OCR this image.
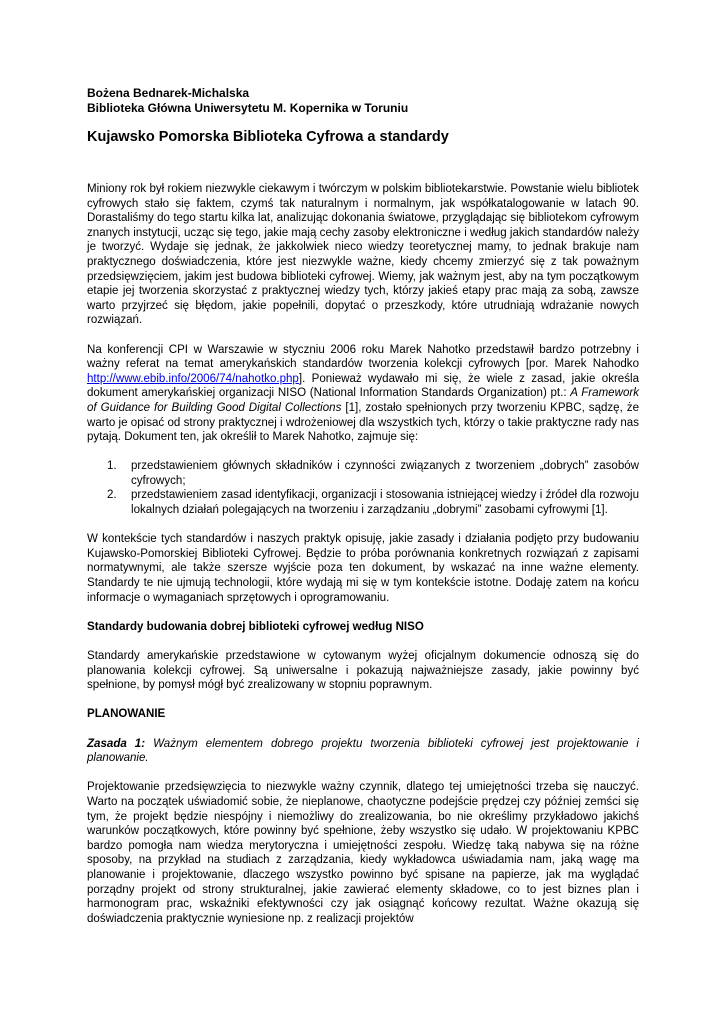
Bożena Bednarek-Michalska

Biblioteka Główna Uniwersytetu M. Kopernika w Toruniu

Kujawsko Pomorska Biblioteka Cyfrowa a standardy

Miniony rok był rokiem niezwykle ciekawym i twórczym w polskim bibliotekarstwie. Powstanie wielu bibliotek cyfrowych stało się faktem, czymś tak naturalnym i normalnym, jak współkatalogowanie w latach 90. Dorastaliśmy do tego startu kilka lat, analizując dokonania światowe, przyglądając się bibliotekom cyfrowym znanych instytucji, ucząc się tego, jakie mają cechy zasoby elektroniczne i według jakich standardów należy je tworzyć. Wydaje się jednak, że jakkolwiek nieco wiedzy teoretycznej mamy, to jednak brakuje nam praktycznego doświadczenia, które jest niezwykle ważne, kiedy chcemy zmierzyć się z tak poważnym przedsięwzięciem, jakim jest budowa biblioteki cyfrowej. Wiemy, jak ważnym jest, aby na tym początkowym etapie jej tworzenia skorzystać z praktycznej wiedzy tych, którzy jakieś etapy prac mają za sobą, zawsze warto przyjrzeć się błędom, jakie popełnili, dopytać o przeszkody, które utrudniają wdrażanie nowych rozwiązań.

Na konferencji CPI w Warszawie w styczniu 2006 roku Marek Nahotko przedstawił bardzo potrzebny i ważny referat na temat amerykańskich standardów tworzenia kolekcji cyfrowych [por. Marek Nahodko http://www.ebib.info/2006/74/nahotko.php]. Ponieważ wydawało mi się, że wiele z zasad, jakie określa dokument amerykańskiej organizacji NISO (National Information Standards Organization) pt.: A Framework of Guidance for Building Good Digital Collections [1], zostało spełnionych przy tworzeniu KPBC, sądzę, że warto je opisać od strony praktycznej i wdrożeniowej dla wszystkich tych, którzy o takie praktyczne rady nas pytają. Dokument ten, jak określił to Marek Nahotko, zajmuje się:

1. przedstawieniem głównych składników i czynności związanych z tworzeniem „dobrych” zasobów cyfrowych;

2. przedstawieniem zasad identyfikacji, organizacji i stosowania istniejącej wiedzy i źródeł dla rozwoju lokalnych działań polegających na tworzeniu i zarządzaniu „dobrymi” zasobami cyfrowymi [1].

W kontekście tych standardów i naszych praktyk opisuję, jakie zasady i działania podjęto przy budowaniu Kujawsko-Pomorskiej Biblioteki Cyfrowej. Będzie to próba porównania konkretnych rozwiązań z zapisami normatywnymi, ale także szersze wyjście poza ten dokument, by wskazać na inne ważne elementy. Standardy te nie ujmują technologii, które wydają mi się w tym kontekście istotne. Dodaję zatem na końcu informacje o wymaganiach sprzętowych i oprogramowaniu.

Standardy budowania dobrej biblioteki cyfrowej według NISO

Standardy amerykańskie przedstawione w cytowanym wyżej oficjalnym dokumencie odnoszą się do planowania kolekcji cyfrowej. Są uniwersalne i pokazują najważniejsze zasady, jakie powinny być spełnione, by pomysł mógł być zrealizowany w stopniu poprawnym.

PLANOWANIE

Zasada 1: Ważnym elementem dobrego projektu tworzenia biblioteki cyfrowej jest projektowanie i planowanie.

Projektowanie przedsięwzięcia to niezwykle ważny czynnik, dlatego tej umiejętności trzeba się nauczyć. Warto na początek uświadomić sobie, że nieplanowe, chaotyczne podejście prędzej czy później zemści się tym, że projekt będzie niespójny i niemożliwy do zrealizowania, bo nie określimy przykładowo jakichś warunków początkowych, które powinny być spełnione, żeby wszystko się udało. W projektowaniu KPBC bardzo pomogła nam wiedza merytoryczna i umiejętności zespołu. Wiedzę taką nabywa się na różne sposoby, na przykład na studiach z zarządzania, kiedy wykładowca uświadamia nam, jaką wagę ma planowanie i projektowanie, dlaczego wszystko powinno być spisane na papierze, jak ma wyglądać porządny projekt od strony strukturalnej, jakie zawierać elementy składowe, co to jest biznes plan i harmonogram prac, wskaźniki efektywności czy jak osiągnąć końcowy rezultat. Ważne okazują się doświadczenia praktycznie wyniesione np. z realizacji projektów
